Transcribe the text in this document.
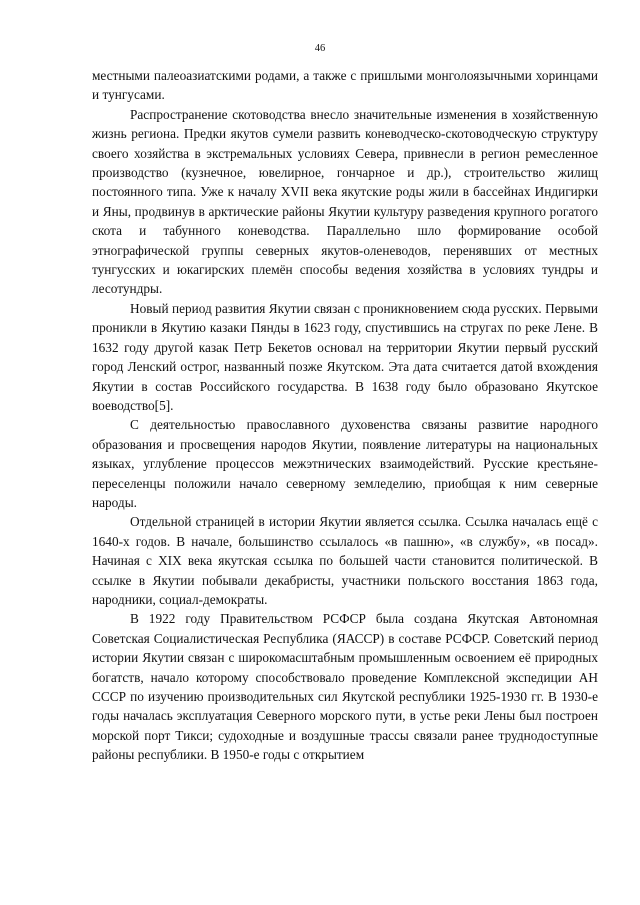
46

местными палеоазиатскими родами, а также с пришлыми монголоязычными хоринцами и тунгусами.

Распространение скотоводства внесло значительные изменения в хозяйственную жизнь региона. Предки якутов сумели развить коневодческо-скотоводческую структуру своего хозяйства в экстремальных условиях Севера, привнесли в регион ремесленное производство (кузнечное, ювелирное, гончарное и др.), строительство жилищ постоянного типа. Уже к началу XVII века якутские роды жили в бассейнах Индигирки и Яны, продвинув в арктические районы Якутии культуру разведения крупного рогатого скота и табунного коневодства. Параллельно шло формирование особой этнографической группы северных якутов-оленеводов, перенявших от местных тунгусских и юкагирских племён способы ведения хозяйства в условиях тундры и лесотундры.

Новый период развития Якутии связан с проникновением сюда русских. Первыми проникли в Якутию казаки Пянды в 1623 году, спустившись на стругах по реке Лене. В 1632 году другой казак Петр Бекетов основал на территории Якутии первый русский город Ленский острог, названный позже Якутском. Эта дата считается датой вхождения Якутии в состав Российского государства. В 1638 году было образовано Якутское воеводство[5].

С деятельностью православного духовенства связаны развитие народного образования и просвещения народов Якутии, появление литературы на национальных языках, углубление процессов межэтнических взаимодействий. Русские крестьяне-переселенцы положили начало северному земледелию, приобщая к ним северные народы.

Отдельной страницей в истории Якутии является ссылка. Ссылка началась ещё с 1640-х годов. В начале, большинство ссылалось «в пашню», «в службу», «в посад». Начиная с XIX века якутская ссылка по большей части становится политической. В ссылке в Якутии побывали декабристы, участники польского восстания 1863 года, народники, социал-демократы.

В 1922 году Правительством РСФСР была создана Якутская Автономная Советская Социалистическая Республика (ЯАССР) в составе РСФСР. Советский период истории Якутии связан с широкомасштабным промышленным освоением её природных богатств, начало которому способствовало проведение Комплексной экспедиции АН СССР по изучению производительных сил Якутской республики 1925-1930 гг. В 1930-е годы началась эксплуатация Северного морского пути, в устье реки Лены был построен морской порт Тикси; судоходные и воздушные трассы связали ранее труднодоступные районы республики. В 1950-е годы с открытием
